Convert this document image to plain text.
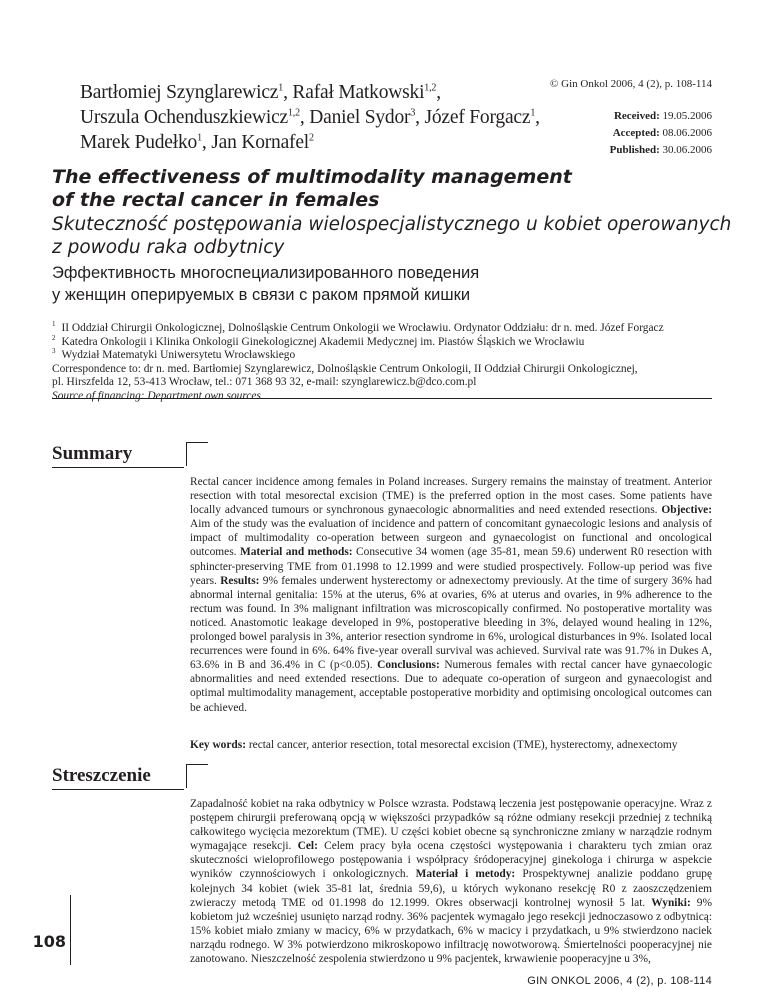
Bartłomiej Szynglarewicz$^1$, Rafał Matkowski$^{1,2}$,
Urszula Ochenduszkiewicz$^{1,2}$, Daniel Sydor$^3$, Józef Forgacz$^1$,
Marek Pudełko$^1$, Jan Kornafel$^2$
© Gin Onkol 2006, 4 (2), p. 108-114
Received: 19.05.2006
Accepted: 08.06.2006
Published: 30.06.2006
The effectiveness of multimodality management
of the rectal cancer in females
Skuteczność postępowania wielospecjalistycznego u kobiet operowanych
z powodu raka odbytnicy
Эффективность многоспециализированного поведения
у женщин оперируемых в связи с раком прямой кишки
$^1$ II Oddział Chirurgii Onkologicznej, Dolnośląskie Centrum Onkologii we Wrocławiu. Ordynator Oddziału: dr n. med. Józef Forgacz
$^2$ Katedra Onkologii i Klinika Onkologii Ginekologicznej Akademii Medycznej im. Piastów Śląskich we Wrocławiu
$^3$ Wydział Matematyki Uniwersytetu Wrocławskiego
Correspondence to: dr n. med. Bartłomiej Szynglarewicz, Dolnośląskie Centrum Onkologii, II Oddział Chirurgii Onkologicznej,
pl. Hirszfelda 12, 53-413 Wrocław, tel.: 071 368 93 32, e-mail: szynglarewicz.b@dco.com.pl
Source of financing: Department own sources
Summary
Rectal cancer incidence among females in Poland increases. Surgery remains the mainstay of treatment. Anterior resection with total mesorectal excision (TME) is the preferred option in the most cases. Some patients have locally advanced tumours or synchronous gynaecologic abnormalities and need extended resections. Objective: Aim of the study was the evaluation of incidence and pattern of concomitant gynaecologic lesions and analysis of impact of multimodality co-operation between surgeon and gynaecologist on functional and oncological outcomes. Material and methods: Consecutive 34 women (age 35-81, mean 59.6) underwent R0 resection with sphincter-preserving TME from 01.1998 to 12.1999 and were studied prospectively. Follow-up period was five years. Results: 9% females underwent hysterectomy or adnexectomy previously. At the time of surgery 36% had abnormal internal genitalia: 15% at the uterus, 6% at ovaries, 6% at uterus and ovaries, in 9% adherence to the rectum was found. In 3% malignant infiltration was microscopically confirmed. No postoperative mortality was noticed. Anastomotic leakage developed in 9%, postoperative bleeding in 3%, delayed wound healing in 12%, prolonged bowel paralysis in 3%, anterior resection syndrome in 6%, urological disturbances in 9%. Isolated local recurrences were found in 6%. 64% five-year overall survival was achieved. Survival rate was 91.7% in Dukes A, 63.6% in B and 36.4% in C (p<0.05). Conclusions: Numerous females with rectal cancer have gynaecologic abnormalities and need extended resections. Due to adequate co-operation of surgeon and gynaecologist and optimal multimodality management, acceptable postoperative morbidity and optimising oncological outcomes can be achieved.
Key words: rectal cancer, anterior resection, total mesorectal excision (TME), hysterectomy, adnexectomy
Streszczenie
Zapadalność kobiet na raka odbytnicy w Polsce wzrasta. Podstawą leczenia jest postępowanie operacyjne. Wraz z postępem chirurgii preferowaną opcją w większości przypadków są różne odmiany resekcji przedniej z techniką całkowitego wycięcia mezorektum (TME). U części kobiet obecne są synchroniczne zmiany w narządzie rodnym wymagające resekcji. Cel: Celem pracy była ocena częstości występowania i charakteru tych zmian oraz skuteczności wieloprofilowego postępowania i współpracy śródoperacyjnej ginekologa i chirurga w aspekcie wyników czynnościowych i onkologicznych. Materiał i metody: Prospektywnej analizie poddano grupę kolejnych 34 kobiet (wiek 35-81 lat, średnia 59,6), u których wykonano resekcję R0 z zaoszczędzeniem zwieraczy metodą TME od 01.1998 do 12.1999. Okres obserwacji kontrolnej wynosił 5 lat. Wyniki: 9% kobietom już wcześniej usunięto narząd rodny. 36% pacjentek wymagało jego resekcji jednoczasowo z odbytnicą: 15% kobiet miało zmiany w macicy, 6% w przydatkach, 6% w macicy i przydatkach, u 9% stwierdzono naciek narządu rodnego. W 3% potwierdzono mikroskopowo infiltrację nowotworową. Śmiertelności pooperacyjnej nie zanotowano. Nieszczelność zespolenia stwierdzono u 9% pacjentek, krwawienie pooperacyjne u 3%,
108
GIN ONKOL 2006, 4 (2), p. 108-114
